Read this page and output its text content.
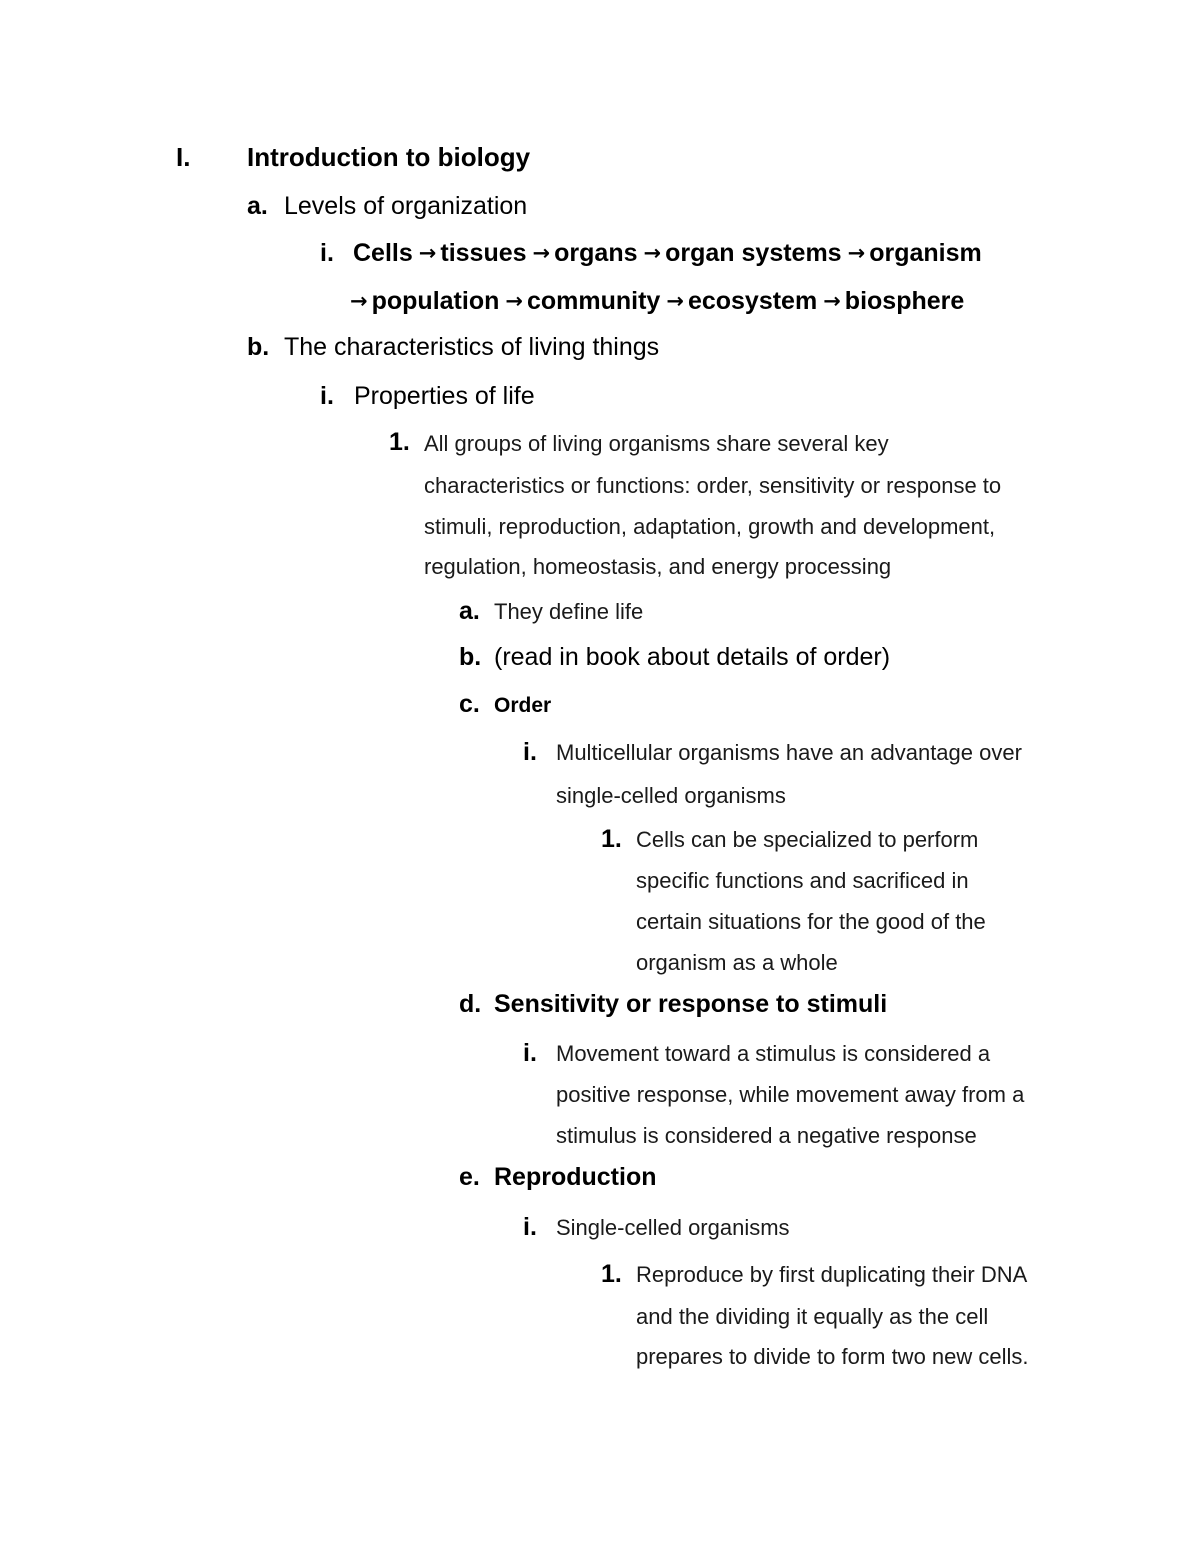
I. Introduction to biology
a. Levels of organization
i. Cells → tissues → organs → organ systems → organism
→ population → community → ecosystem → biosphere
b. The characteristics of living things
i. Properties of life
1. All groups of living organisms share several key
characteristics or functions: order, sensitivity or response to
stimuli, reproduction, adaptation, growth and development,
regulation, homeostasis, and energy processing
a. They define life
b. (read in book about details of order)
c. Order
i. Multicellular organisms have an advantage over
single-celled organisms
1. Cells can be specialized to perform
specific functions and sacrificed in
certain situations for the good of the
organism as a whole
d. Sensitivity or response to stimuli
i. Movement toward a stimulus is considered a
positive response, while movement away from a
stimulus is considered a negative response
e. Reproduction
i. Single-celled organisms
1. Reproduce by first duplicating their DNA
and the dividing it equally as the cell
prepares to divide to form two new cells.
